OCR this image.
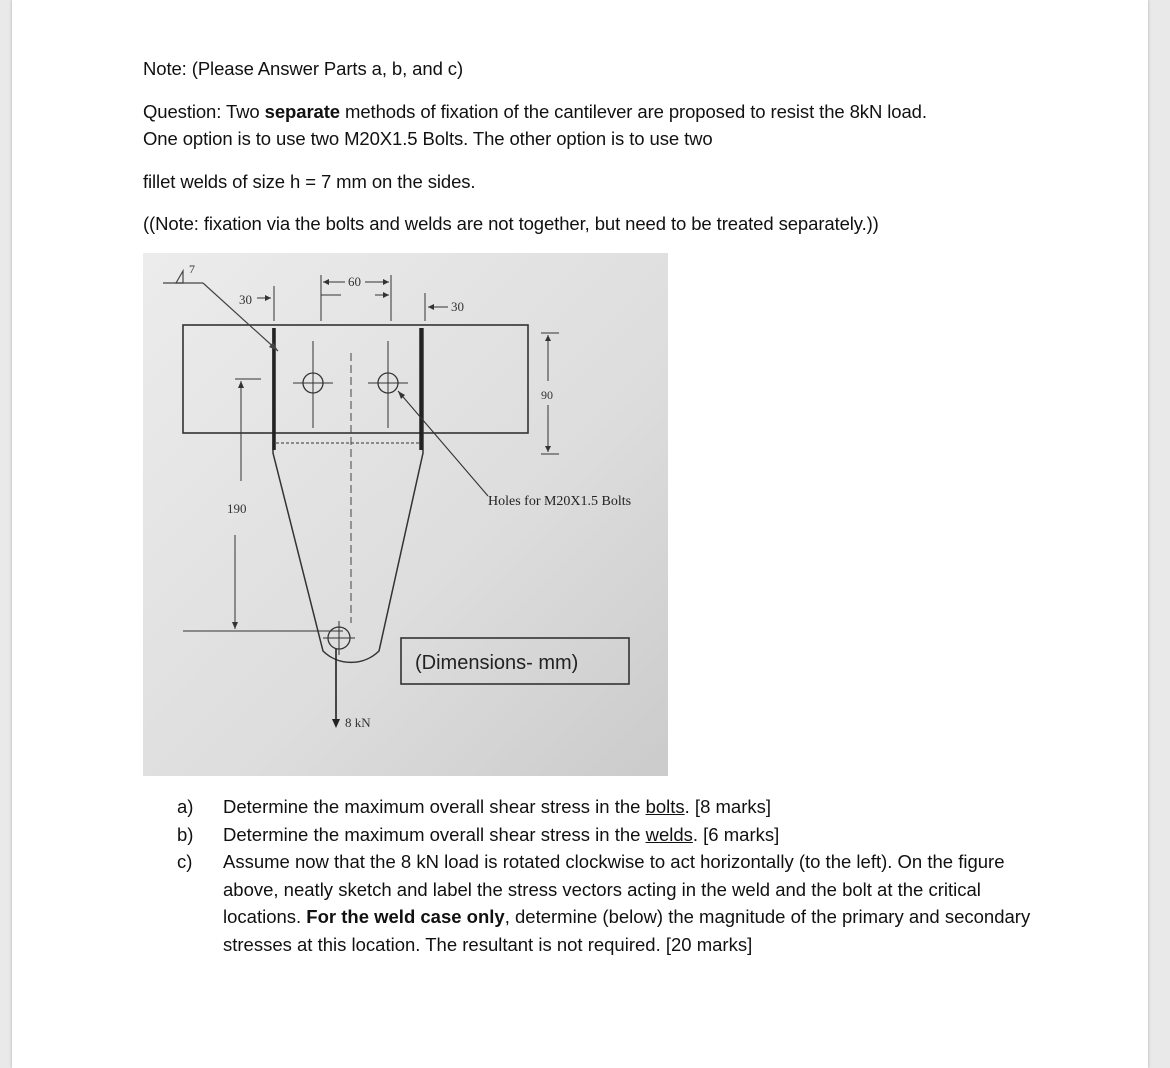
Note: (Please Answer Parts a, b, and c)
Question: Two separate methods of fixation of the cantilever are proposed to resist the 8kN load.
One option is to use two M20X1.5 Bolts. The other option is to use two
fillet welds of size h = 7 mm on the sides.
((Note: fixation via the bolts and welds are not together, but need to be treated separately.))
7
30
60
30
90
190	Holes for M20X1.5 Bolts
(Dimensions- mm)
8 kN
a)	Determine the maximum overall shear stress in the bolts. [8 marks]
b)	Determine the maximum overall shear stress in the welds. [6 marks]
c)	Assume now that the 8 kN load is rotated clockwise to act horizontally (to the left). On the figure above, neatly sketch and label the stress vectors acting in the weld and the bolt at the critical locations. For the weld case only, determine (below) the magnitude of the primary and secondary stresses at this location. The resultant is not required. [20 marks]
